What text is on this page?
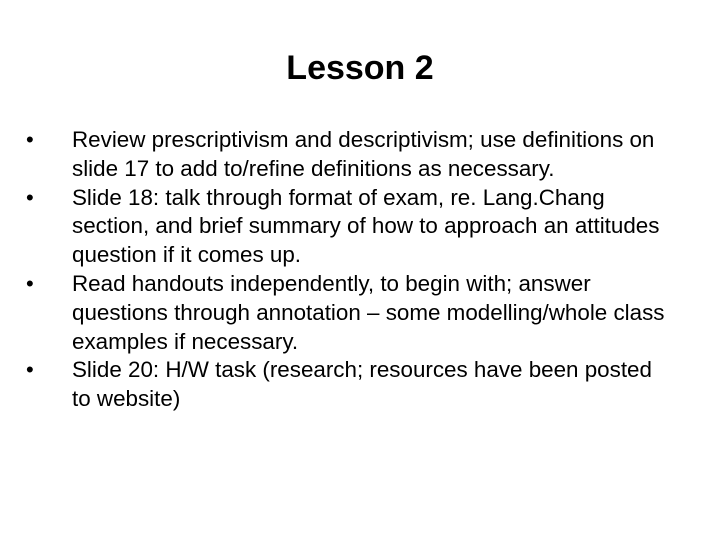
Lesson 2
•	Review prescriptivism and descriptivism; use definitions on slide 17 to add to/refine definitions as necessary.
•	Slide 18: talk through format of exam, re. Lang.Chang section, and brief summary of how to approach an attitudes question if it comes up.
•	Read handouts independently, to begin with; answer questions through annotation – some modelling/whole class examples if necessary.
•	Slide 20: H/W task (research; resources have been posted to website)
